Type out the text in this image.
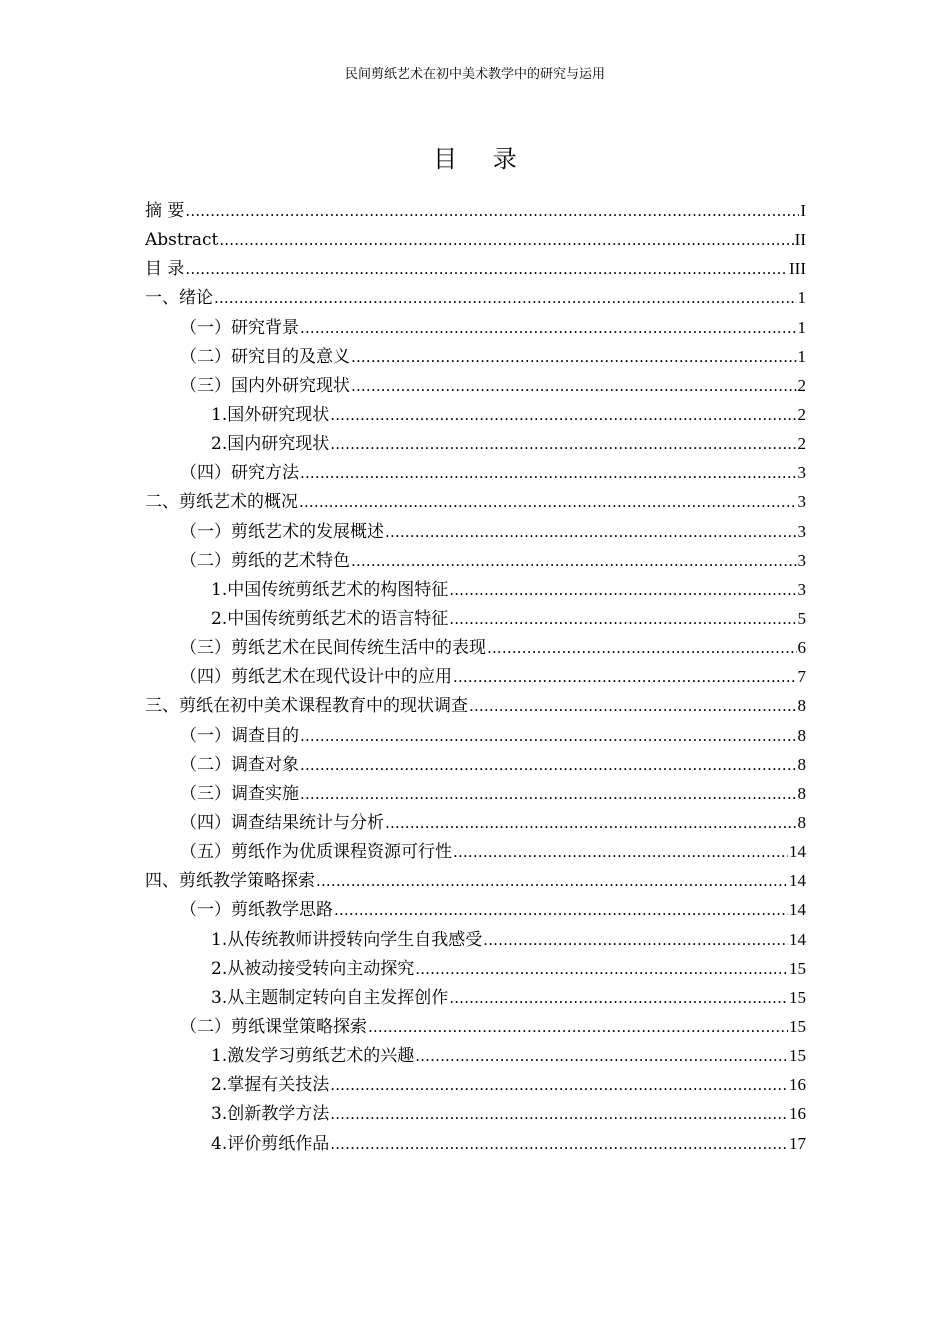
民间剪纸艺术在初中美术教学中的研究与运用
目 录
摘 要 .....	I
Abstract .....	II
目 录 .....	III
一、绪论 .....	1
（一）研究背景 .....	1
（二）研究目的及意义 .....	1
（三）国内外研究现状 .....	2
1.国外研究现状 .....	2
2.国内研究现状 .....	2
（四）研究方法 .....	3
二、剪纸艺术的概况 .....	3
（一）剪纸艺术的发展概述 .....	3
（二）剪纸的艺术特色 .....	3
1.中国传统剪纸艺术的构图特征 .....	3
2.中国传统剪纸艺术的语言特征 .....	5
（三）剪纸艺术在民间传统生活中的表现 .....	6
（四）剪纸艺术在现代设计中的应用 .....	7
三、剪纸在初中美术课程教育中的现状调查 .....	8
（一）调查目的 .....	8
（二）调查对象 .....	8
（三）调查实施 .....	8
（四）调查结果统计与分析 .....	8
（五）剪纸作为优质课程资源可行性 .....	14
四、剪纸教学策略探索 .....	14
（一）剪纸教学思路 .....	14
1.从传统教师讲授转向学生自我感受 .....	14
2.从被动接受转向主动探究 .....	15
3.从主题制定转向自主发挥创作 .....	15
（二）剪纸课堂策略探索 .....	15
1.激发学习剪纸艺术的兴趣 .....	15
2.掌握有关技法 .....	16
3.创新教学方法 .....	16
4.评价剪纸作品 .....	17
